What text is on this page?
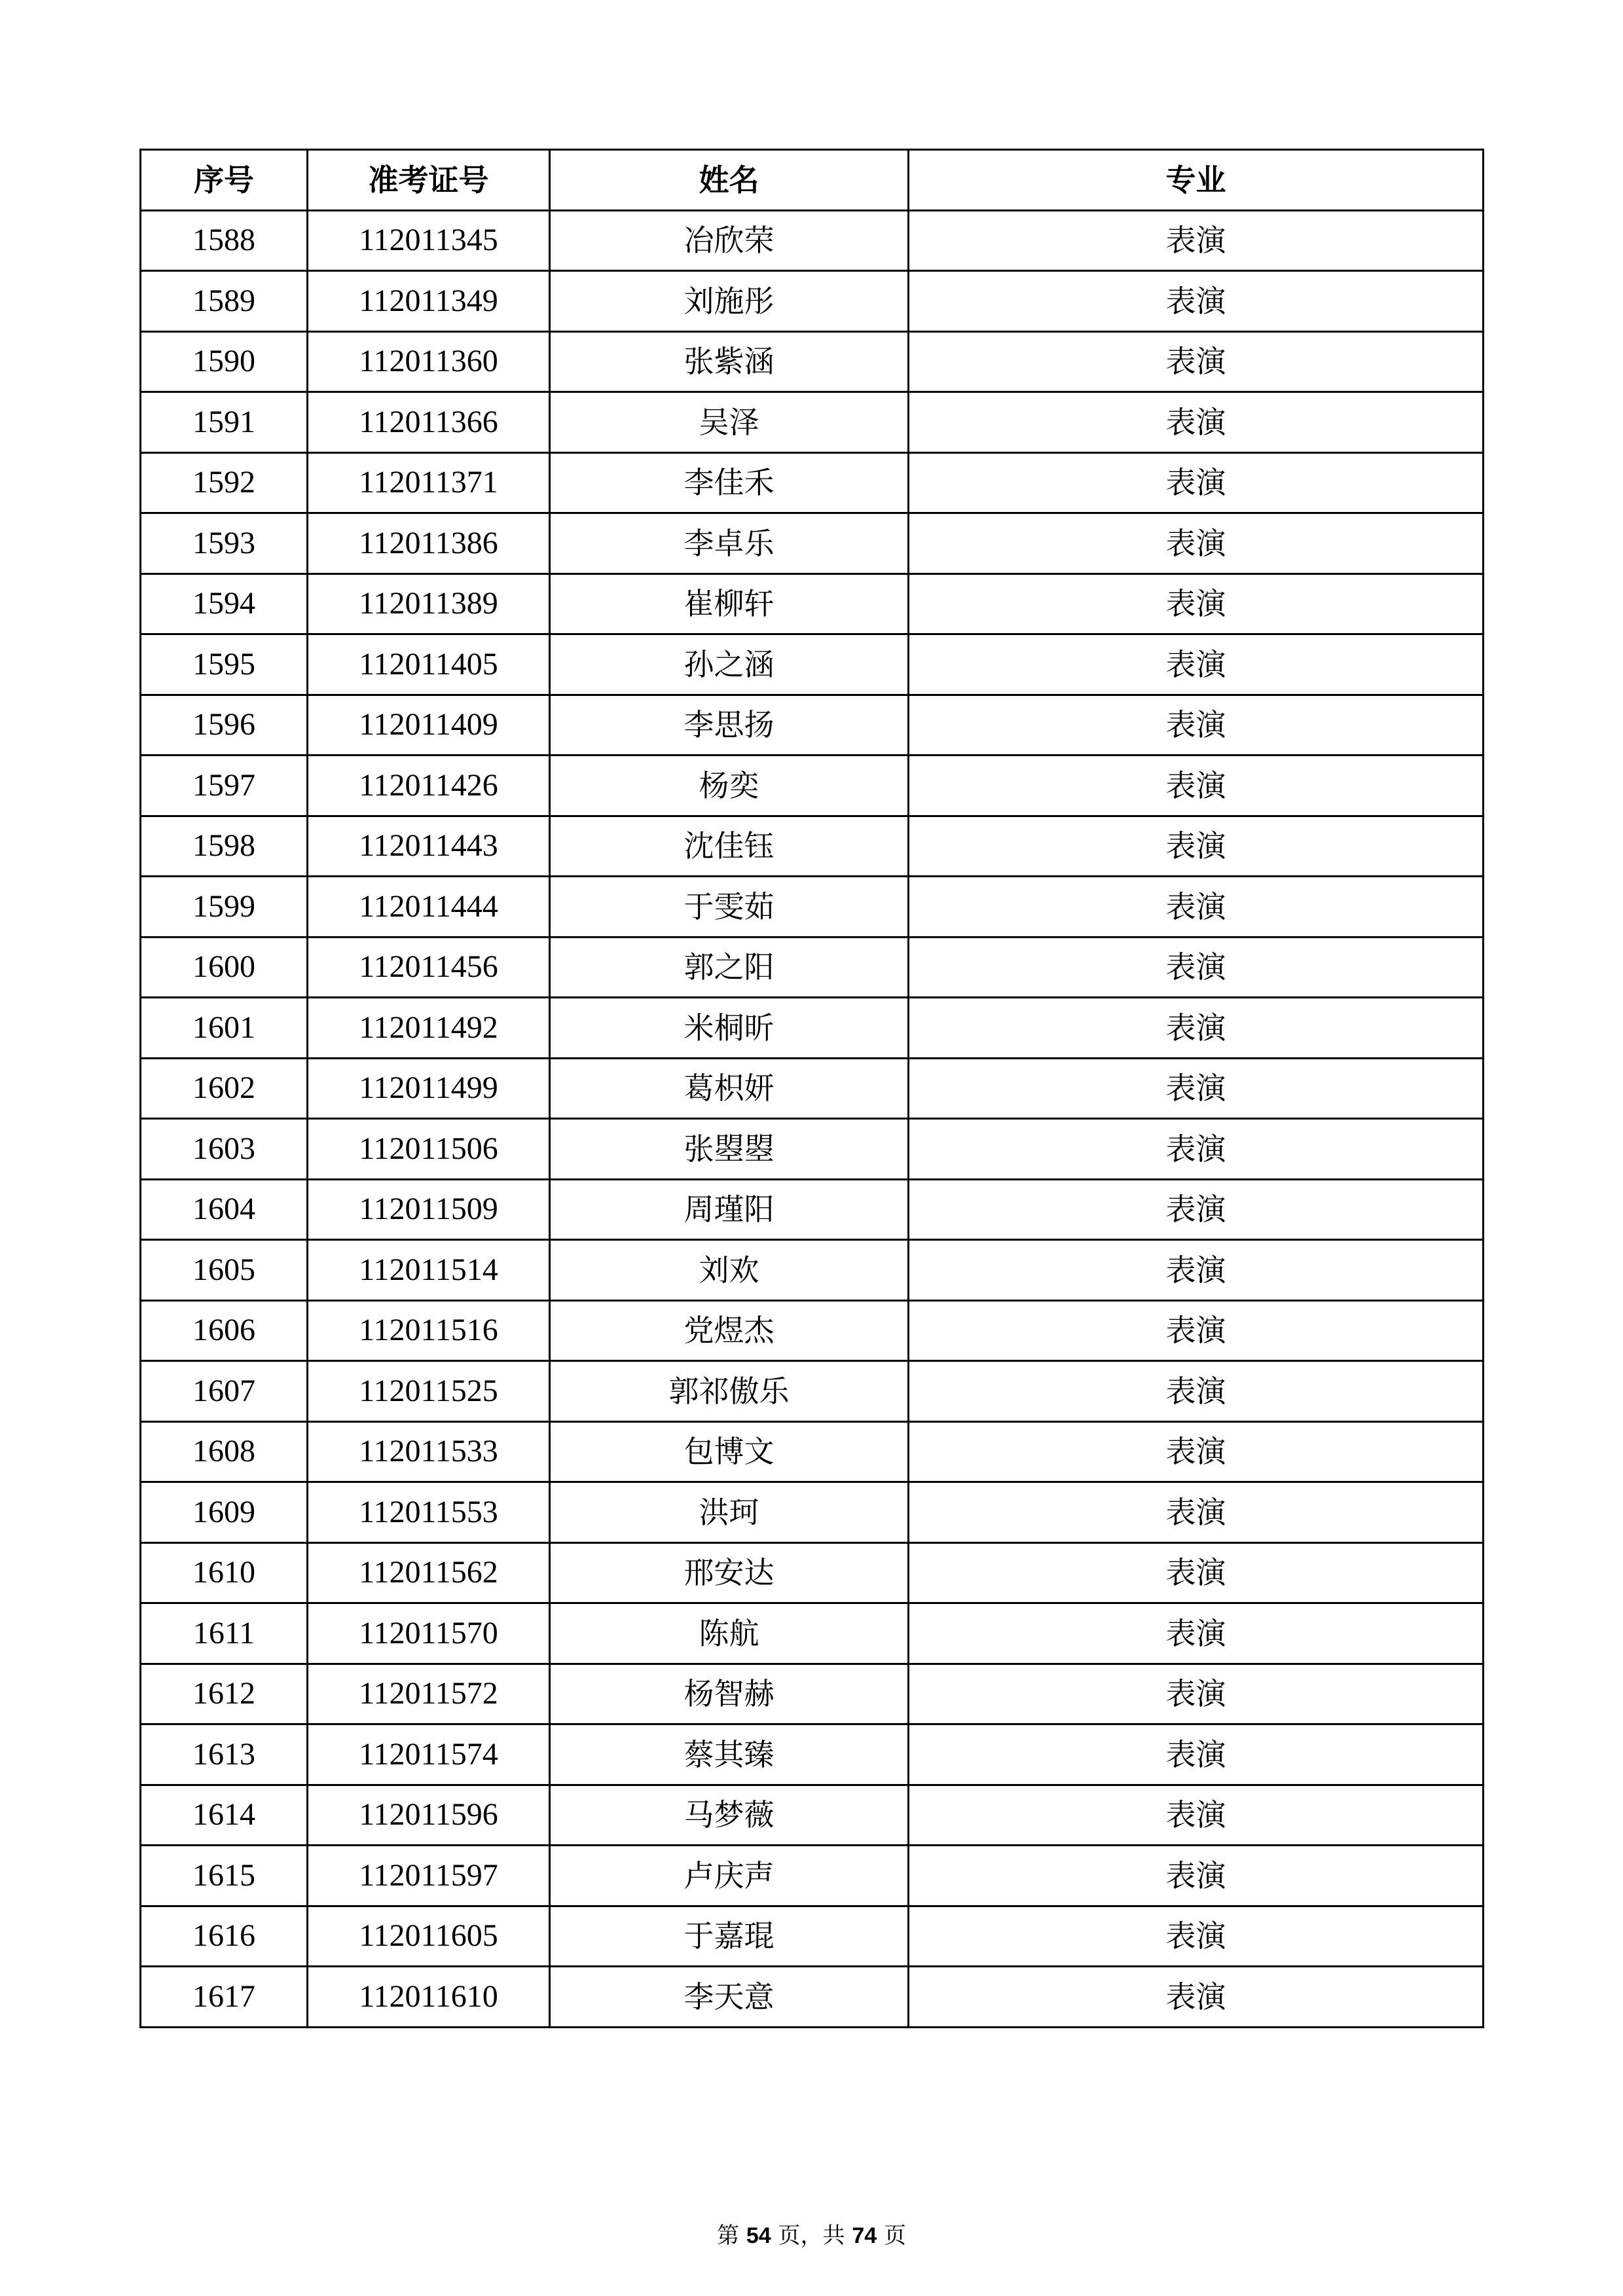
序号	准考证号	姓名	专业
1588	112011345	冶欣荣	表演
1589	112011349	刘施彤	表演
1590	112011360	张紫涵	表演
1591	112011366	吴泽	表演
1592	112011371	李佳禾	表演
1593	112011386	李卓乐	表演
1594	112011389	崔柳轩	表演
1595	112011405	孙之涵	表演
1596	112011409	李思扬	表演
1597	112011426	杨奕	表演
1598	112011443	沈佳钰	表演
1599	112011444	于雯茹	表演
1600	112011456	郭之阳	表演
1601	112011492	米桐昕	表演
1602	112011499	葛枳妍	表演
1603	112011506	张曌曌	表演
1604	112011509	周瑾阳	表演
1605	112011514	刘欢	表演
1606	112011516	党煜杰	表演
1607	112011525	郭祁傲乐	表演
1608	112011533	包博文	表演
1609	112011553	洪珂	表演
1610	112011562	邢安达	表演
1611	112011570	陈航	表演
1612	112011572	杨智赫	表演
1613	112011574	蔡其臻	表演
1614	112011596	马梦薇	表演
1615	112011597	卢庆声	表演
1616	112011605	于嘉琨	表演
1617	112011610	李天意	表演
第 54 页，共 74 页
